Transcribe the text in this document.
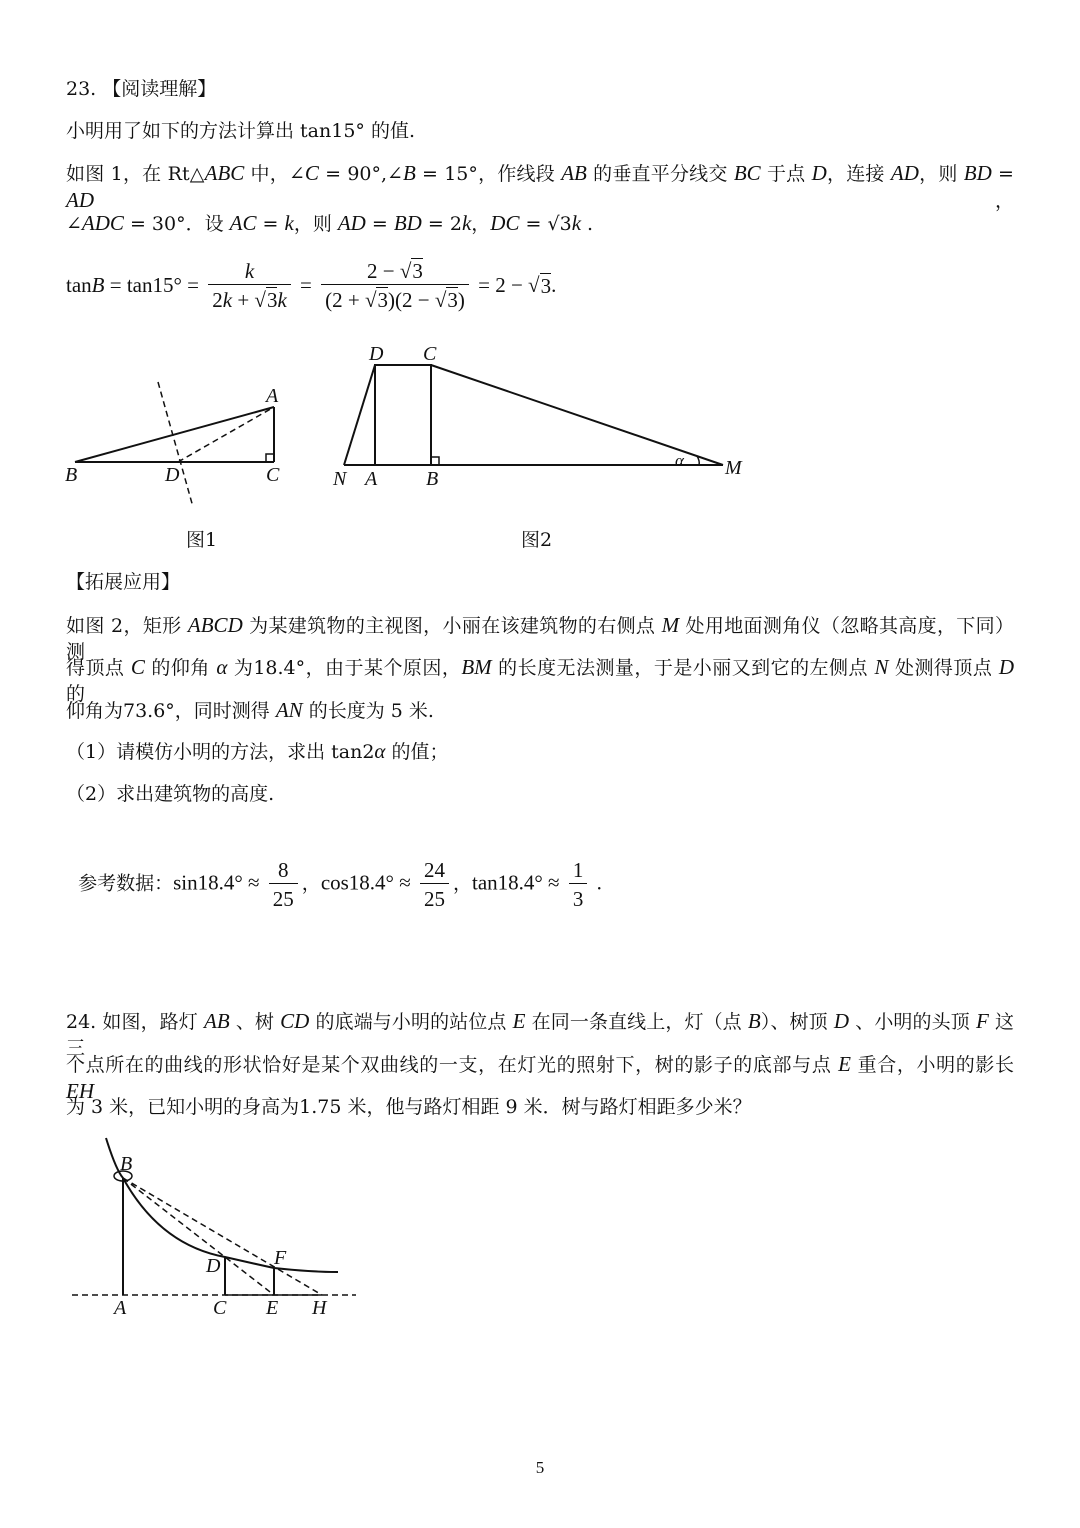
23. 【阅读理解】
小明用了如下的方法计算出 tan15° 的值.
如图 1，在 Rt△ABC 中，∠C = 90°,∠B = 15°，作线段 AB 的垂直平分线交 BC 于点 D，连接 AD，则 BD = AD，
∠ADC = 30°．设 AC = k，则 AD = BD = 2k，DC = √3k .
【拓展应用】
如图 2，矩形 ABCD 为某建筑物的主视图，小丽在该建筑物的右侧点 M 处用地面测角仪（忽略其高度，下同）测
得顶点 C 的仰角 α 为18.4°，由于某个原因，BM 的长度无法测量，于是小丽又到它的左侧点 N 处测得顶点 D 的
仰角为73.6°，同时测得 AN 的长度为 5 米.
（1）请模仿小明的方法，求出 tan2α 的值；
（2）求出建筑物的高度.
24. 如图，路灯 AB 、树 CD 的底端与小明的站位点 E 在同一条直线上，灯（点 B）、树顶 D 、小明的头顶 F 这三
个点所在的曲线的形状恰好是某个双曲线的一支，在灯光的照射下，树的影子的底部与点 E 重合，小明的影长 EH
为 3 米，已知小明的身高为1.75 米，他与路灯相距 9 米．树与路灯相距多少米？
$\tan B = \tan 15^\circ = \frac{k}{2k + √3k} = \frac{2 - √3}{(2 + √3)(2 - √3)} = 2$ − √ 3 .
A
B	D	C
图1
D C
N A B	M
α
图2

参考数据：$\sin 18.4^\circ \approx \frac{8}{25}$ ，$\cos 18.4^\circ \approx \frac{24}{25}$ ，$\tan 18.4^\circ \approx \frac{1}{3}$ .

B
A
D
C
F
E H
5
